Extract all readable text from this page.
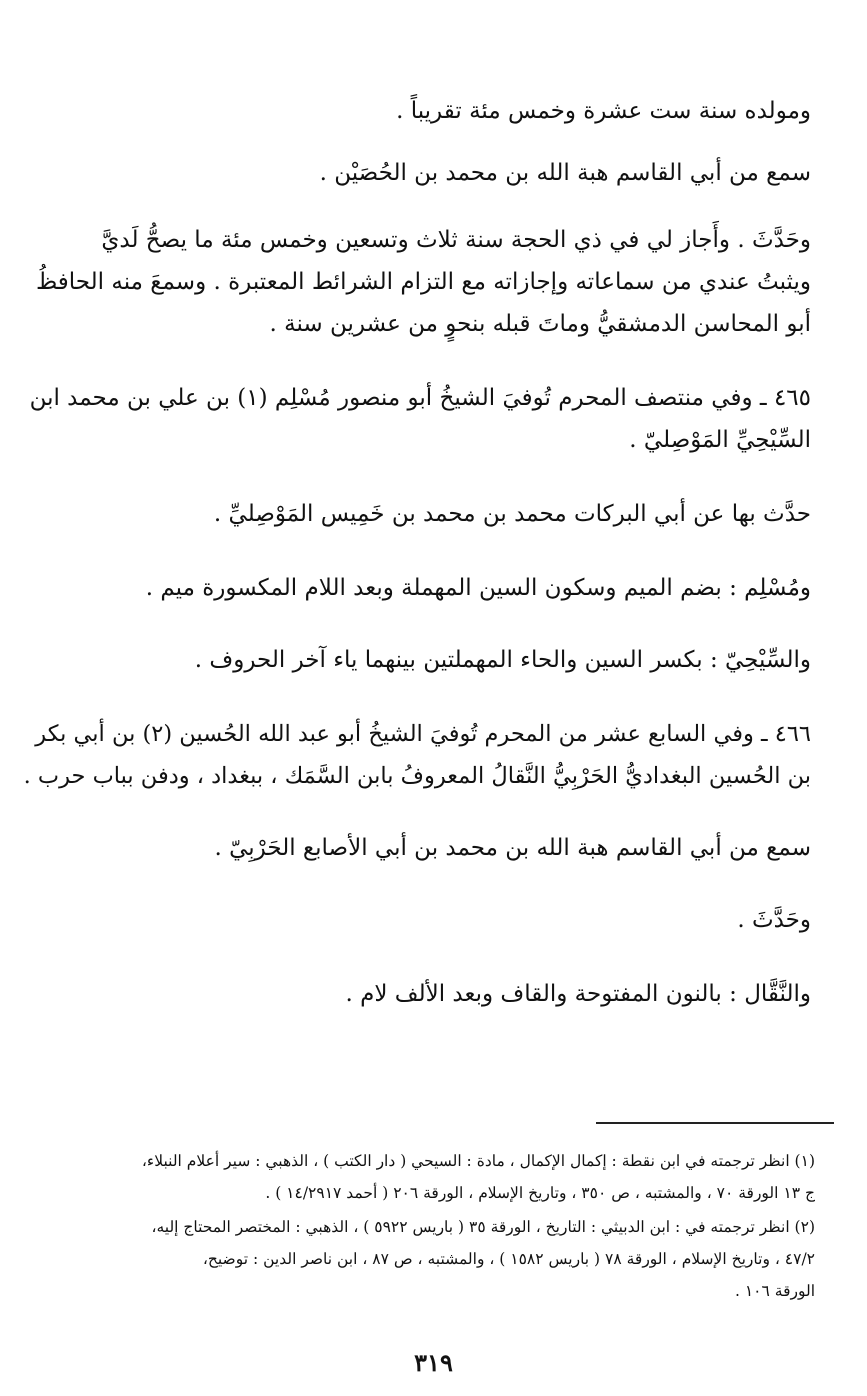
ومولده سنة ست عشرة وخمس مئة تقريباً .

سمع من أبي القاسم هبة الله بن محمد بن الحُصَيْن .

وحَدَّثَ . وأَجاز لي في ذي الحجة سنة ثلاث وتسعين وخمس مئة ما يصحُّ لَديَّ

ويثبتُ عندي من سماعاته وإجازاته مع التزام الشرائط المعتبرة . وسمعَ منه الحافظُ

أبو المحاسن الدمشقيُّ وماتَ قبله بنحوٍ من عشرين سنة .

٤٦٥ ـ وفي منتصف المحرم تُوفيَ الشيخُ أبو منصور مُسْلِم (١) بن علي بن محمد ابن

السِّيْحِيِّ المَوْصِليّ .

حدَّث بها عن أبي البركات محمد بن محمد بن خَمِيس المَوْصِليِّ .

ومُسْلِم : بضم الميم وسكون السين المهملة وبعد اللام المكسورة ميم .

والسِّيْحِيّ : بكسر السين والحاء المهملتين بينهما ياء آخر الحروف .

٤٦٦ ـ وفي السابع عشر من المحرم تُوفيَ الشيخُ أبو عبد الله الحُسين (٢) بن أبي بكر

بن الحُسين البغداديُّ الحَرْبِيُّ النَّقالُ المعروفُ بابن السَّمَك ، ببغداد ، ودفن بباب حرب .

سمع من أبي القاسم هبة الله بن محمد بن أبي الأصابع الحَرْبِيّ .

وحَدَّثَ .

والنَّقَّال : بالنون المفتوحة والقاف وبعد الألف لام .

(١) انظر ترجمته في ابن نقطة : إكمال الإكمال ، مادة : السيحي ( دار الكتب ) ، الذهبي : سير أعلام النبلاء،

ج ١٣ الورقة ٧٠ ، والمشتبه ، ص ٣٥٠ ، وتاريخ الإسلام ، الورقة ٢٠٦ ( أحمد ١٤/٢٩١٧ ) .

(٢) انظر ترجمته في : ابن الدبيثي : التاريخ ، الورقة ٣٥ ( باريس ٥٩٢٢ ) ، الذهبي : المختصر المحتاج إليه،

٤٧/٢ ، وتاريخ الإسلام ، الورقة ٧٨ ( باريس ١٥٨٢ ) ، والمشتبه ، ص ٨٧ ، ابن ناصر الدين : توضيح،

الورقة ١٠٦ .

٣١٩
